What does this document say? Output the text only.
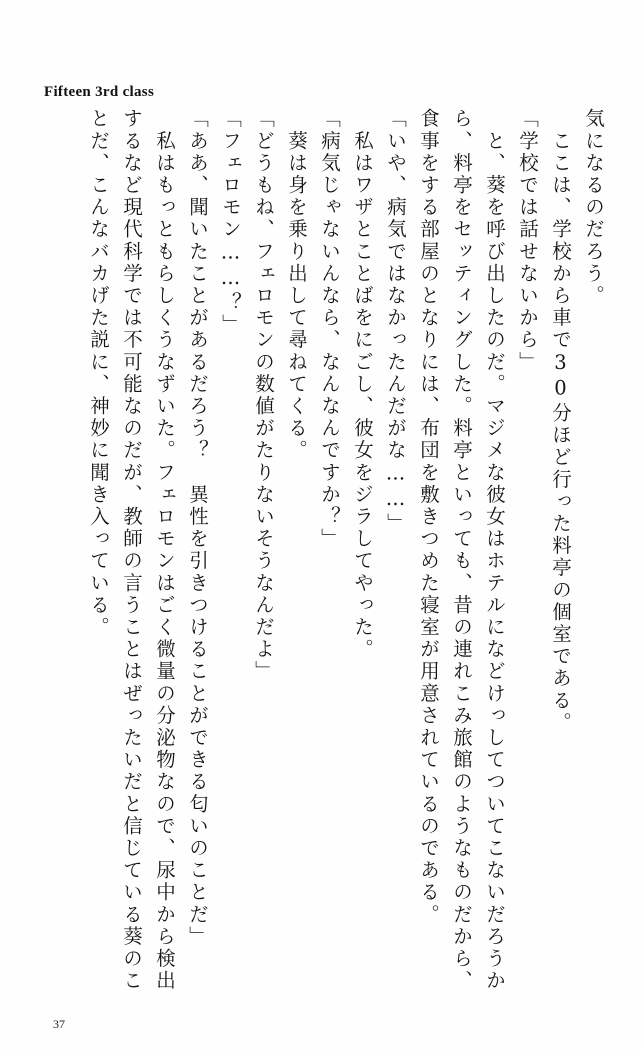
Fifteen 3rd class
気になるのだろう。
　ここは、学校から車で30分ほど行った料亭の個室である。
「学校では話せないから」
　と、葵を呼び出したのだ。マジメな彼女はホテルになどけっしてついてこないだろうか
ら、料亭をセッティングした。料亭といっても、昔の連れこみ旅館のようなものだから、
食事をする部屋のとなりには、布団を敷きつめた寝室が用意されているのである。
「いや、病気ではなかったんだがな……」
　私はワザとことばをにごし、彼女をジラしてやった。
「病気じゃないんなら、なんなんですか？」
　葵は身を乗り出して尋ねてくる。
「どうもね、フェロモンの数値がたりないそうなんだよ」
「フェロモン……？」
「ああ、聞いたことがあるだろう？　異性を引きつけることができる匂いのことだ」
　私はもっともらしくうなずいた。フェロモンはごく微量の分泌物なので、尿中から検出
するなど現代科学では不可能なのだが、教師の言うことはぜったいだと信じている葵のこ
とだ、こんなバカげた説に、神妙に聞き入っている。
37
